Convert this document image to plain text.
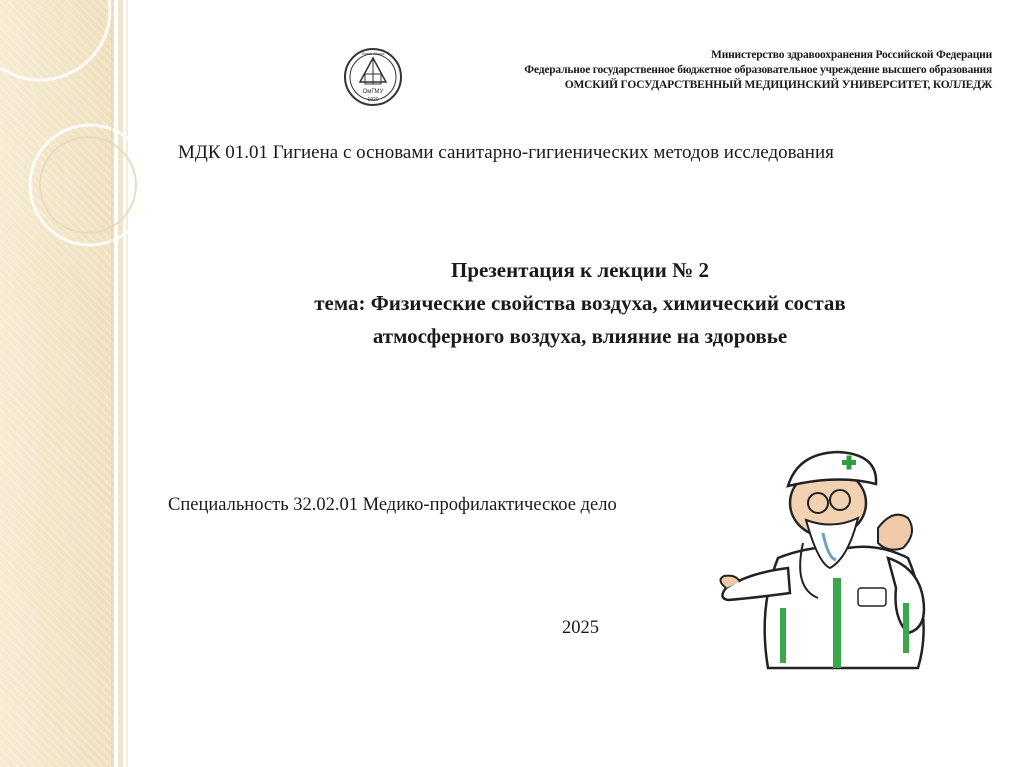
Министерство здравоохранения Российской Федерации
Федеральное государственное бюджетное образовательное учреждение высшего образования
ОМСКИЙ ГОСУДАРСТВЕННЫЙ МЕДИЦИНСКИЙ УНИВЕРСИТЕТ, КОЛЛЕДЖ
ОмГМУ
1920
Omsk Annus
МДК 01.01 Гигиена с основами санитарно-гигиенических методов исследования
Презентация к лекции № 2
тема: Физические свойства воздуха, химический состав
атмосферного воздуха, влияние на здоровье
Специальность 32.02.01 Медико-профилактическое дело
2025
